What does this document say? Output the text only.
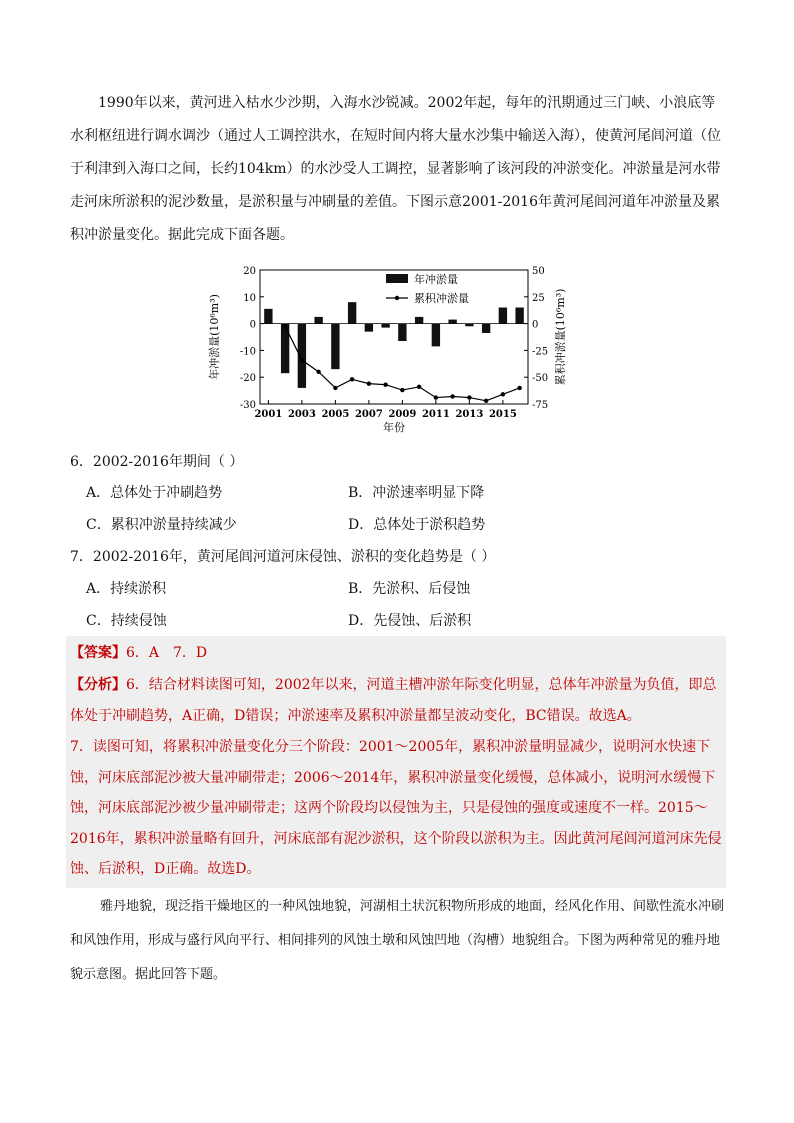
1990年以来，黄河进入枯水少沙期，入海水沙锐减。2002年起，每年的汛期通过三门峡、小浪底等水利枢纽进行调水调沙（通过人工调控洪水，在短时间内将大量水沙集中输送入海），使黄河尾闾河道（位于利津到入海口之间，长约104km）的水沙受人工调控，显著影响了该河段的冲淤变化。冲淤量是河水带走河床所淤积的泥沙数量，是淤积量与冲刷量的差值。下图示意2001-2016年黄河尾闾河道年冲淤量及累积冲淤量变化。据此完成下面各题。

20
10
0
-10
-20
-30
50
25
0
-25
-50
-75
2001 2003 2005 2007 2009 2011 2013 2015
年份
年冲淤量(10⁶m³)	累积冲淤量(10⁶m³)
年冲淤量
累积冲淤量

6．2002-2016年期间（ ）

A．总体处于冲刷趋势	B．冲淤速率明显下降

C．累积冲淤量持续减少	D．总体处于淤积趋势

7．2002-2016年，黄河尾闾河道河床侵蚀、淤积的变化趋势是（ ）

A．持续淤积	B．先淤积、后侵蚀

C．持续侵蚀	D．先侵蚀、后淤积

【答案】6．A　7．D

【分析】6．结合材料读图可知，2002年以来，河道主槽冲淤年际变化明显，总体年冲淤量为负值，即总体处于冲刷趋势，A正确，D错误；冲淤速率及累积冲淤量都呈波动变化，BC错误。故选A。

7．读图可知，将累积冲淤量变化分三个阶段：2001～2005年，累积冲淤量明显减少，说明河水快速下蚀，河床底部泥沙被大量冲刷带走；2006～2014年，累积冲淤量变化缓慢，总体减小，说明河水缓慢下蚀，河床底部泥沙被少量冲刷带走；这两个阶段均以侵蚀为主，只是侵蚀的强度或速度不一样。2015～2016年，累积冲淤量略有回升，河床底部有泥沙淤积，这个阶段以淤积为主。因此黄河尾闾河道河床先侵蚀、后淤积，D正确。故选D。

雅丹地貌，现泛指干燥地区的一种风蚀地貌，河湖相土状沉积物所形成的地面，经风化作用、间歇性流水冲刷和风蚀作用，形成与盛行风向平行、相间排列的风蚀土墩和风蚀凹地（沟槽）地貌组合。下图为两种常见的雅丹地貌示意图。据此回答下题。
